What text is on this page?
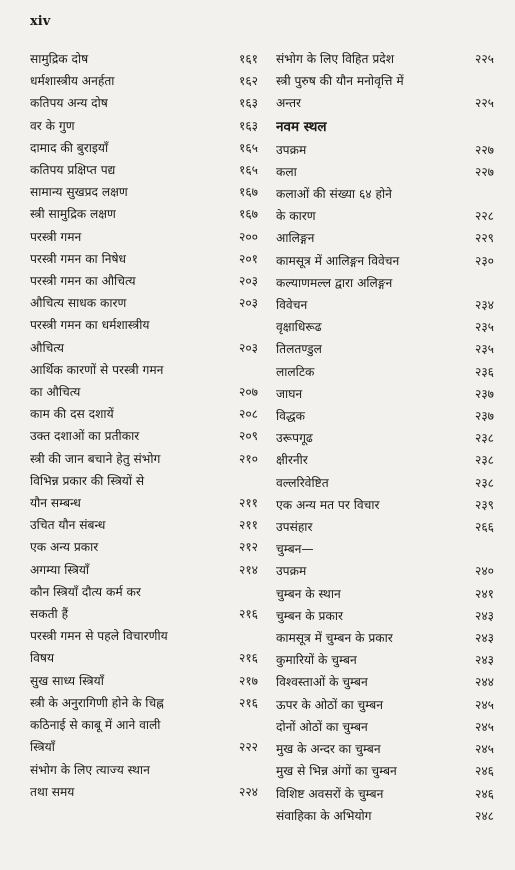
xiv
सामुद्रिक दोष	१६१
धर्मशास्त्रीय अनर्हता	१६२
कतिपय अन्य दोष	१६३
वर के गुण	१६३
दामाद की बुराइयाँ	१६५
कतिपय प्रक्षिप्त पद्य	१६५
सामान्य सुखप्रद लक्षण	१६७
स्त्री सामुद्रिक लक्षण	१६७
परस्त्री गमन	२००
परस्त्री गमन का निषेध	२०१
परस्त्री गमन का औचित्य	२०३
औचित्य साधक कारण	२०३
परस्त्री गमन का धर्मशास्त्रीय
औचित्य	२०३
आर्थिक कारणों से परस्त्री गमन
का औचित्य	२०७
काम की दस दशायें	२०८
उक्त दशाओं का प्रतीकार	२०९
स्त्री की जान बचाने हेतु संभोग	२१०
विभिन्न प्रकार की स्त्रियों से
यौन सम्बन्ध	२११
उचित यौन संबन्ध	२११
एक अन्य प्रकार	२१२
अगम्या स्त्रियाँ	२१४
कौन स्त्रियाँ दौत्य कर्म कर
सकती हैं	२१६
परस्त्री गमन से पहले विचारणीय
विषय	२१६
सुख साध्य स्त्रियाँ	२१७
स्त्री के अनुरागिणी होने के चिह्न	२१६
कठिनाई से काबू में आने वाली
स्त्रियाँ	२२२
संभोग के लिए त्याज्य स्थान
तथा समय	२२४
संभोग के लिए विहित प्रदेश	२२५
स्त्री पुरुष की यौन मनोवृत्ति में
अन्तर	२२५
नवम स्थल
उपक्रम	२२७
कला	२२७
कलाओं की संख्या ६४ होने
के कारण	२२८
आलिङ्गन	२२९
कामसूत्र में आलिङ्गन विवेचन	२३०
कल्याणमल्ल द्वारा अलिङ्गन
विवेचन	२३४
वृक्षाधिरूढ	२३५
तिलतण्डुल	२३५
लालटिक	२३६
जाघन	२३७
विद्धक	२३७
उरूपगूढ	२३८
क्षीरनीर	२३८
वल्लरिवेष्टित	२३८
एक अन्य मत पर विचार	२३९
उपसंहार	२६६
चुम्बन—
उपक्रम	२४०
चुम्बन के स्थान	२४१
चुम्बन के प्रकार	२४३
कामसूत्र में चुम्बन के प्रकार	२४३
कुमारियों के चुम्बन	२४३
विश्वस्ताओं के चुम्बन	२४४
ऊपर के ओठों का चुम्बन	२४५
दोनों ओठों का चुम्बन	२४५
मुख के अन्दर का चुम्बन	२४५
मुख से भिन्न अंगों का चुम्बन	२४६
विशिष्ट अवसरों के चुम्बन	२४६
संवाहिका के अभियोग	२४८
